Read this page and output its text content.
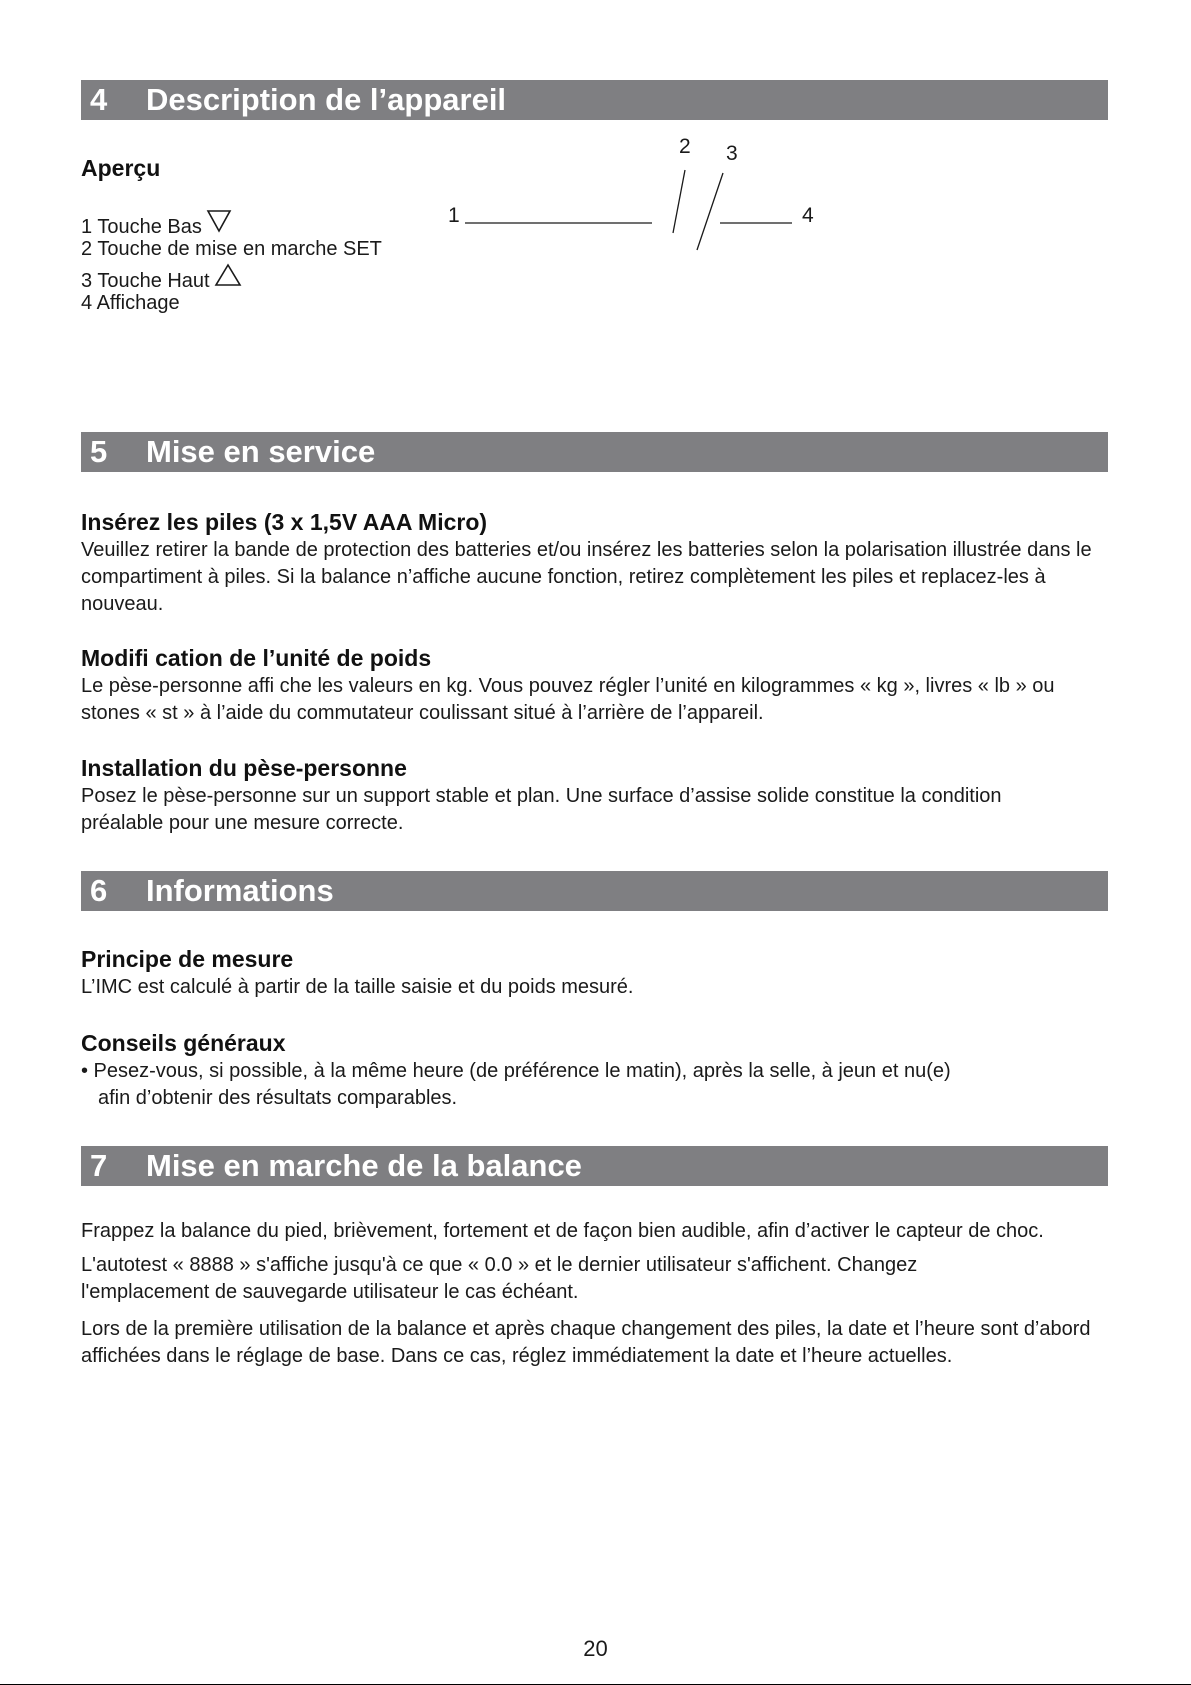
4 Description de l’appareil
Aperçu
1 Touche Bas
2 Touche de mise en marche SET
3 Touche Haut
4 Affichage
1
2 3
4
5 Mise en service
Insérez les piles (3 x 1,5V AAA Micro)
Veuillez retirer la bande de protection des batteries et/ou insérez les batteries selon la polarisation illustrée dans le compartiment à piles. Si la balance n’affiche aucune fonction, retirez complètement les piles et replacez-les à nouveau.
Modifi cation de l’unité de poids
Le pèse-personne affi che les valeurs en kg. Vous pouvez régler l’unité en kilogrammes « kg », livres « lb » ou stones « st » à l’aide du commutateur coulissant situé à l’arrière de l’appareil.
Installation du pèse-personne
Posez le pèse-personne sur un support stable et plan. Une surface d’assise solide constitue la condition préalable pour une mesure correcte.
6 Informations
Principe de mesure
L’IMC est calculé à partir de la taille saisie et du poids mesuré.
Conseils généraux
• Pesez-vous, si possible, à la même heure (de préférence le matin), après la selle, à jeun et nu(e)
afin d’obtenir des résultats comparables.
7 Mise en marche de la balance
Frappez la balance du pied, brièvement, fortement et de façon bien audible, afin d’activer le capteur de choc.
L'autotest « 8888 » s'affiche jusqu'à ce que « 0.0 » et le dernier utilisateur s'affichent. Changez l'emplacement de sauvegarde utilisateur le cas échéant.
Lors de la première utilisation de la balance et après chaque changement des piles, la date et l’heure sont d’abord affichées dans le réglage de base. Dans ce cas, réglez immédiatement la date et l’heure actuelles.
20
